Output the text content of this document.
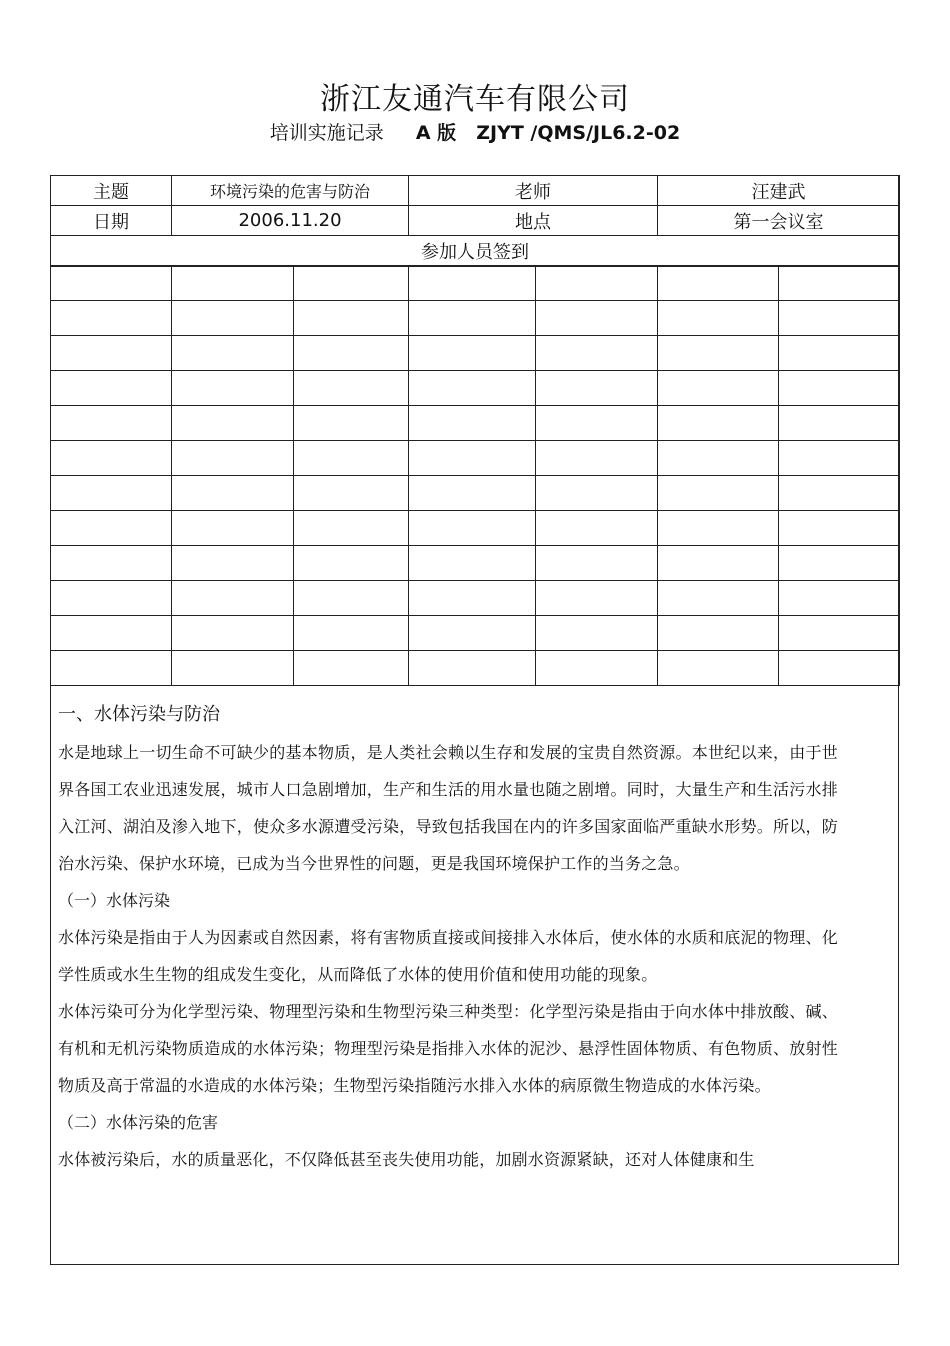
浙江友通汽车有限公司
培训实施记录 A 版 ZJYT /QMS/JL6.2-02
主题	环境污染的危害与防治	老师	汪建武
日期	2006.11.20	地点	第一会议室
参加人员签到			

一、水体污染与防治
水是地球上一切生命不可缺少的基本物质，是人类社会赖以生存和发展的宝贵自然资源。本世纪以来，由于世界各国工农业迅速发展，城市人口急剧增加，生产和生活的用水量也随之剧增。同时，大量生产和生活污水排入江河、湖泊及渗入地下，使众多水源遭受污染，导致包括我国在内的许多国家面临严重缺水形势。所以，防治水污染、保护水环境，已成为当今世界性的问题，更是我国环境保护工作的当务之急。
（一）水体污染
水体污染是指由于人为因素或自然因素，将有害物质直接或间接排入水体后，使水体的水质和底泥的物理、化学性质或水生生物的组成发生变化，从而降低了水体的使用价值和使用功能的现象。
水体污染可分为化学型污染、物理型污染和生物型污染三种类型：化学型污染是指由于向水体中排放酸、碱、有机和无机污染物质造成的水体污染；物理型污染是指排入水体的泥沙、悬浮性固体物质、有色物质、放射性物质及高于常温的水造成的水体污染；生物型污染指随污水排入水体的病原微生物造成的水体污染。
（二）水体污染的危害
水体被污染后，水的质量恶化，不仅降低甚至丧失使用功能，加剧水资源紧缺，还对人体健康和生
